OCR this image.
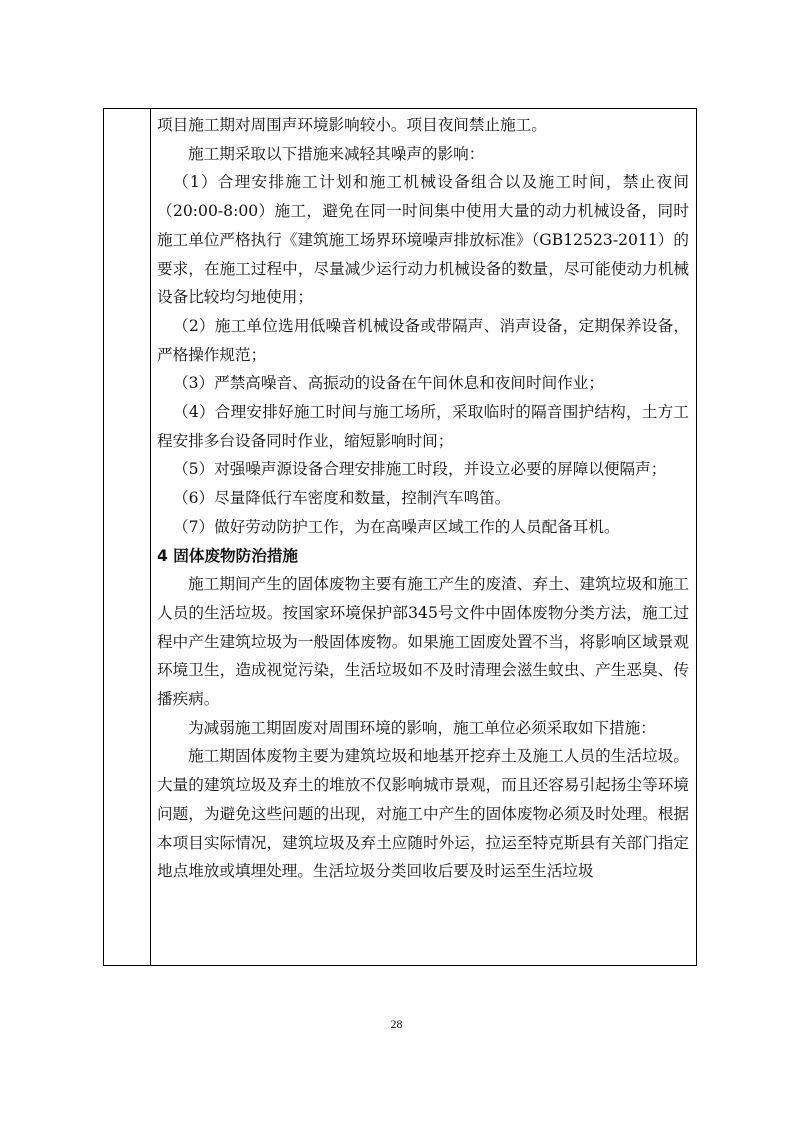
项目施工期对周围声环境影响较小。项目夜间禁止施工。

施工期采取以下措施来减轻其噪声的影响：

（1）合理安排施工计划和施工机械设备组合以及施工时间，禁止夜间（20:00-8:00）施工，避免在同一时间集中使用大量的动力机械设备，同时施工单位严格执行《建筑施工场界环境噪声排放标准》（GB12523-2011）的要求，在施工过程中，尽量减少运行动力机械设备的数量，尽可能使动力机械设备比较均匀地使用；

（2）施工单位选用低噪音机械设备或带隔声、消声设备，定期保养设备，严格操作规范；

（3）严禁高噪音、高振动的设备在午间休息和夜间时间作业；

（4）合理安排好施工时间与施工场所，采取临时的隔音围护结构，土方工程安排多台设备同时作业，缩短影响时间；

（5）对强噪声源设备合理安排施工时段，并设立必要的屏障以便隔声；

（6）尽量降低行车密度和数量，控制汽车鸣笛。

（7）做好劳动防护工作，为在高噪声区域工作的人员配备耳机。

4 固体废物防治措施

施工期间产生的固体废物主要有施工产生的废渣、弃土、建筑垃圾和施工人员的生活垃圾。按国家环境保护部345号文件中固体废物分类方法，施工过程中产生建筑垃圾为一般固体废物。如果施工固废处置不当，将影响区域景观环境卫生，造成视觉污染，生活垃圾如不及时清理会滋生蚊虫、产生恶臭、传播疾病。

为减弱施工期固废对周围环境的影响，施工单位必须采取如下措施：

施工期固体废物主要为建筑垃圾和地基开挖弃土及施工人员的生活垃圾。大量的建筑垃圾及弃土的堆放不仅影响城市景观，而且还容易引起扬尘等环境问题，为避免这些问题的出现，对施工中产生的固体废物必须及时处理。根据本项目实际情况，建筑垃圾及弃土应随时外运，拉运至特克斯县有关部门指定地点堆放或填埋处理。生活垃圾分类回收后要及时运至生活垃圾

28
